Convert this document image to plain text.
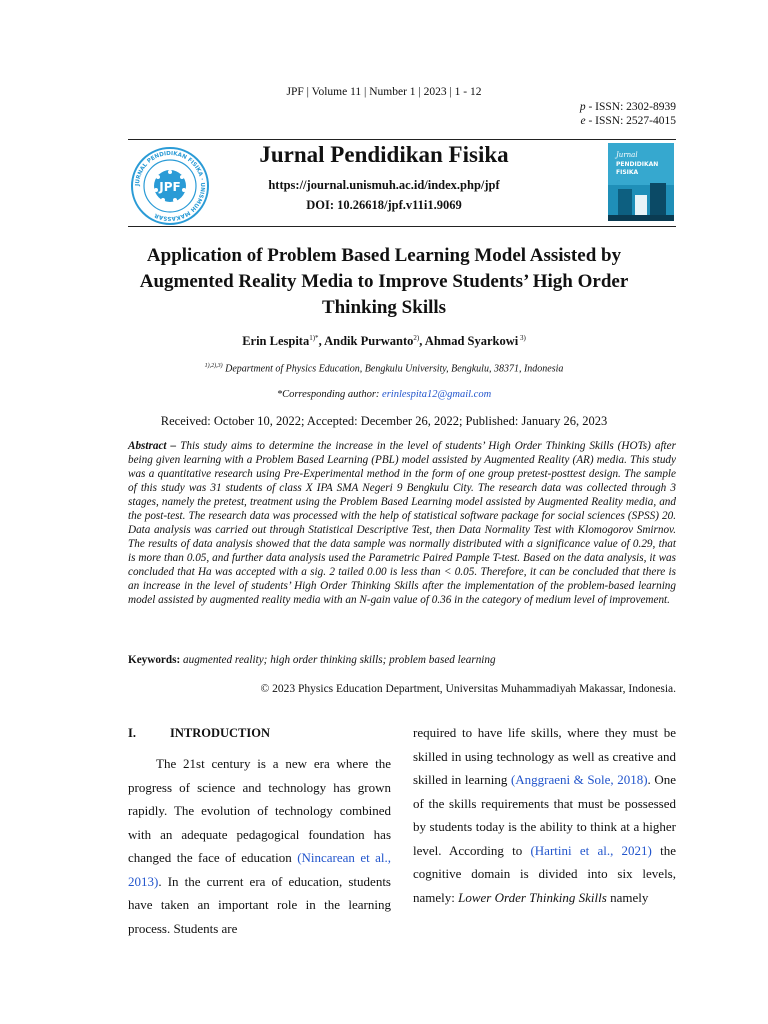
JPF | Volume 11 | Number 1 | 2023 | 1 - 12
p - ISSN: 2302-8939
e - ISSN: 2527-4015
JURNAL PENDIDIKAN FISIKA · UNISMUH MAKASSAR
JPF
Jurnal Pendidikan Fisika
https://journal.unismuh.ac.id/index.php/jpf
DOI: 10.26618/jpf.v11i1.9069
Jurnal
PENDIDIKAN
FISIKA
Application of Problem Based Learning Model Assisted by Augmented Reality Media to Improve Students’ High Order Thinking Skills
Erin Lespita$^{1)*}$, Andik Purwanto$^{2)}$, Ahmad Syarkowi $^{3)}$
$^{1),2),3)}$ Department of Physics Education, Bengkulu University, Bengkulu, 38371, Indonesia
*Corresponding author: erinlespita12@gmail.com
Received: October 10, 2022; Accepted: December 26, 2022; Published: January 26, 2023
Abstract – This study aims to determine the increase in the level of students’ High Order Thinking Skills (HOTs) after being given learning with a Problem Based Learning (PBL) model assisted by Augmented Reality (AR) media. This study was a quantitative research using Pre-Experimental method in the form of one group pretest-posttest design. The sample of this study was 31 students of class X IPA SMA Negeri 9 Bengkulu City. The research data was collected through 3 stages, namely the pretest, treatment using the Problem Based Learning model assisted by Augmented Reality media, and the post-test. The research data was processed with the help of statistical software package for social sciences (SPSS) 20. Data analysis was carried out through Statistical Descriptive Test, then Data Normality Test with Klomogorov Smirnov. The results of data analysis showed that the data sample was normally distributed with a significance value of 0.29, that is more than 0.05, and further data analysis used the Parametric Paired Pample T-test. Based on the data analysis, it was concluded that Ha was accepted with a sig. 2 tailed 0.00 is less than < 0.05. Therefore, it can be concluded that there is an increase in the level of students’ High Order Thinking Skills after the implementation of the problem-based learning model assisted by augmented reality media with an N-gain value of 0.36 in the category of medium level of improvement.
Keywords: augmented reality; high order thinking skills; problem based learning
© 2023 Physics Education Department, Universitas Muhammadiyah Makassar, Indonesia.
I.	INTRODUCTION
The 21st century is a new era where the progress of science and technology has grown rapidly. The evolution of technology combined with an adequate pedagogical foundation has changed the face of education (Nincarean et al., 2013). In the current era of education, students have taken an important role in the learning process. Students are
required to have life skills, where they must be skilled in using technology as well as creative and skilled in learning (Anggraeni & Sole, 2018). One of the skills requirements that must be possessed by students today is the ability to think at a higher level. According to (Hartini et al., 2021) the cognitive domain is divided into six levels, namely: Lower Order Thinking Skills namely
